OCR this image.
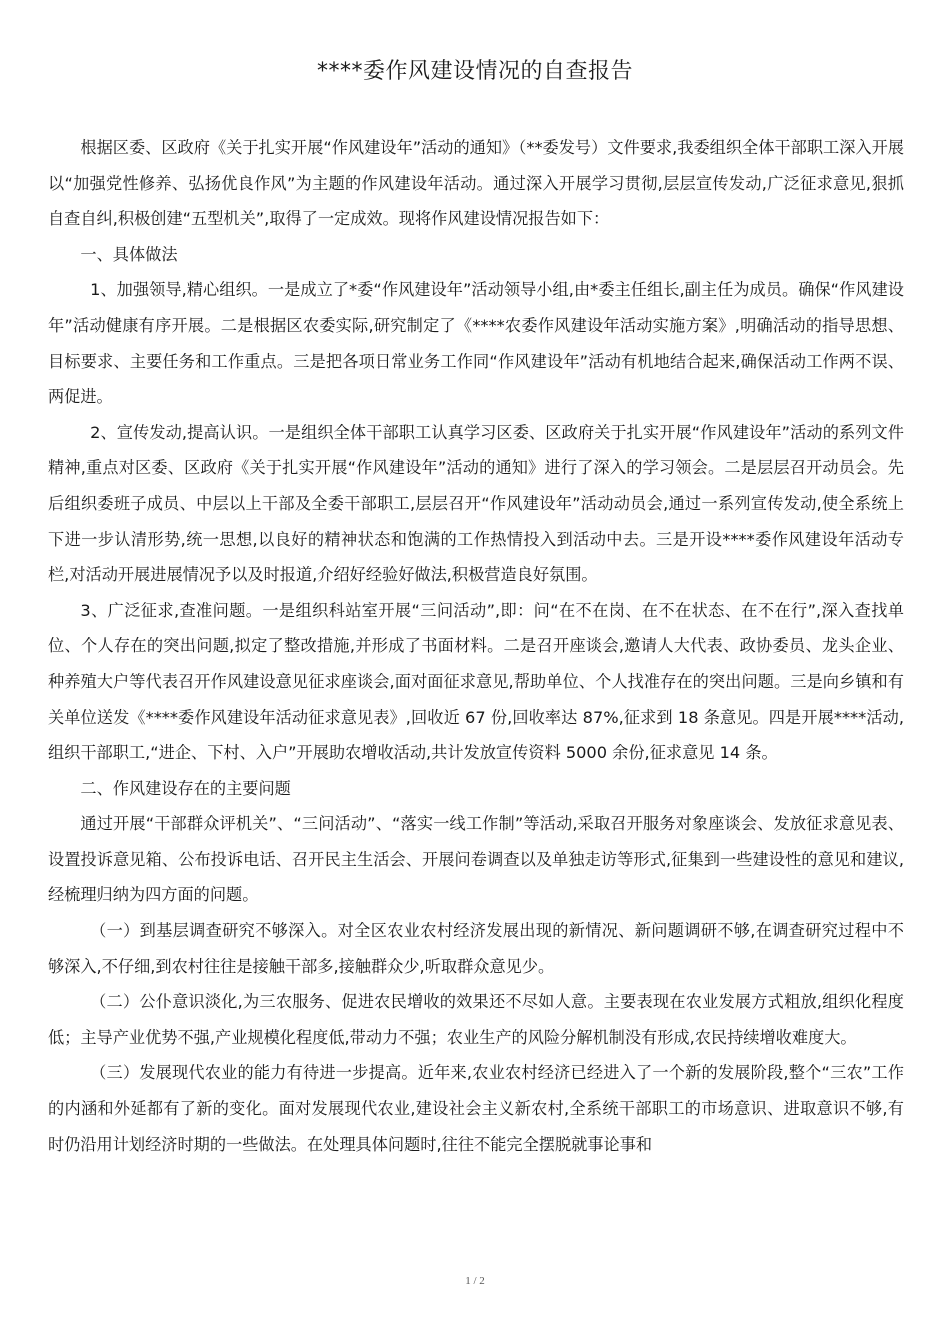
****委作风建设情况的自查报告

根据区委、区政府《关于扎实开展“作风建设年”活动的通知》（**委发号）文件要求,我委组织全体干部职工深入开展以“加强党性修养、弘扬优良作风”为主题的作风建设年活动。通过深入开展学习贯彻,层层宣传发动,广泛征求意见,狠抓自查自纠,积极创建“五型机关”,取得了一定成效。现将作风建设情况报告如下：

一、具体做法

1、加强领导,精心组织。一是成立了*委“作风建设年”活动领导小组,由*委主任组长,副主任为成员。确保“作风建设年”活动健康有序开展。二是根据区农委实际,研究制定了《****农委作风建设年活动实施方案》,明确活动的指导思想、目标要求、主要任务和工作重点。三是把各项日常业务工作同“作风建设年”活动有机地结合起来,确保活动工作两不误、两促进。

2、宣传发动,提高认识。一是组织全体干部职工认真学习区委、区政府关于扎实开展“作风建设年”活动的系列文件精神,重点对区委、区政府《关于扎实开展“作风建设年”活动的通知》进行了深入的学习领会。二是层层召开动员会。先后组织委班子成员、中层以上干部及全委干部职工,层层召开“作风建设年”活动动员会,通过一系列宣传发动,使全系统上下进一步认清形势,统一思想,以良好的精神状态和饱满的工作热情投入到活动中去。三是开设****委作风建设年活动专栏,对活动开展进展情况予以及时报道,介绍好经验好做法,积极营造良好氛围。

3、广泛征求,查准问题。一是组织科站室开展“三问活动”,即：问“在不在岗、在不在状态、在不在行”,深入查找单位、个人存在的突出问题,拟定了整改措施,并形成了书面材料。二是召开座谈会,邀请人大代表、政协委员、龙头企业、种养殖大户等代表召开作风建设意见征求座谈会,面对面征求意见,帮助单位、个人找准存在的突出问题。三是向乡镇和有关单位送发《****委作风建设年活动征求意见表》,回收近 67 份,回收率达 87%,征求到 18 条意见。四是开展****活动,组织干部职工,“进企、下村、入户”开展助农增收活动,共计发放宣传资料 5000 余份,征求意见 14 条。

二、作风建设存在的主要问题

通过开展“干部群众评机关”、“三问活动”、“落实一线工作制”等活动,采取召开服务对象座谈会、发放征求意见表、设置投诉意见箱、公布投诉电话、召开民主生活会、开展问卷调查以及单独走访等形式,征集到一些建设性的意见和建议,经梳理归纳为四方面的问题。

（一）到基层调查研究不够深入。对全区农业农村经济发展出现的新情况、新问题调研不够,在调查研究过程中不够深入,不仔细,到农村往往是接触干部多,接触群众少,听取群众意见少。

（二）公仆意识淡化,为三农服务、促进农民增收的效果还不尽如人意。主要表现在农业发展方式粗放,组织化程度低；主导产业优势不强,产业规模化程度低,带动力不强；农业生产的风险分解机制没有形成,农民持续增收难度大。

（三）发展现代农业的能力有待进一步提高。近年来,农业农村经济已经进入了一个新的发展阶段,整个“三农”工作的内涵和外延都有了新的变化。面对发展现代农业,建设社会主义新农村,全系统干部职工的市场意识、进取意识不够,有时仍沿用计划经济时期的一些做法。在处理具体问题时,往往不能完全摆脱就事论事和

1 / 2
